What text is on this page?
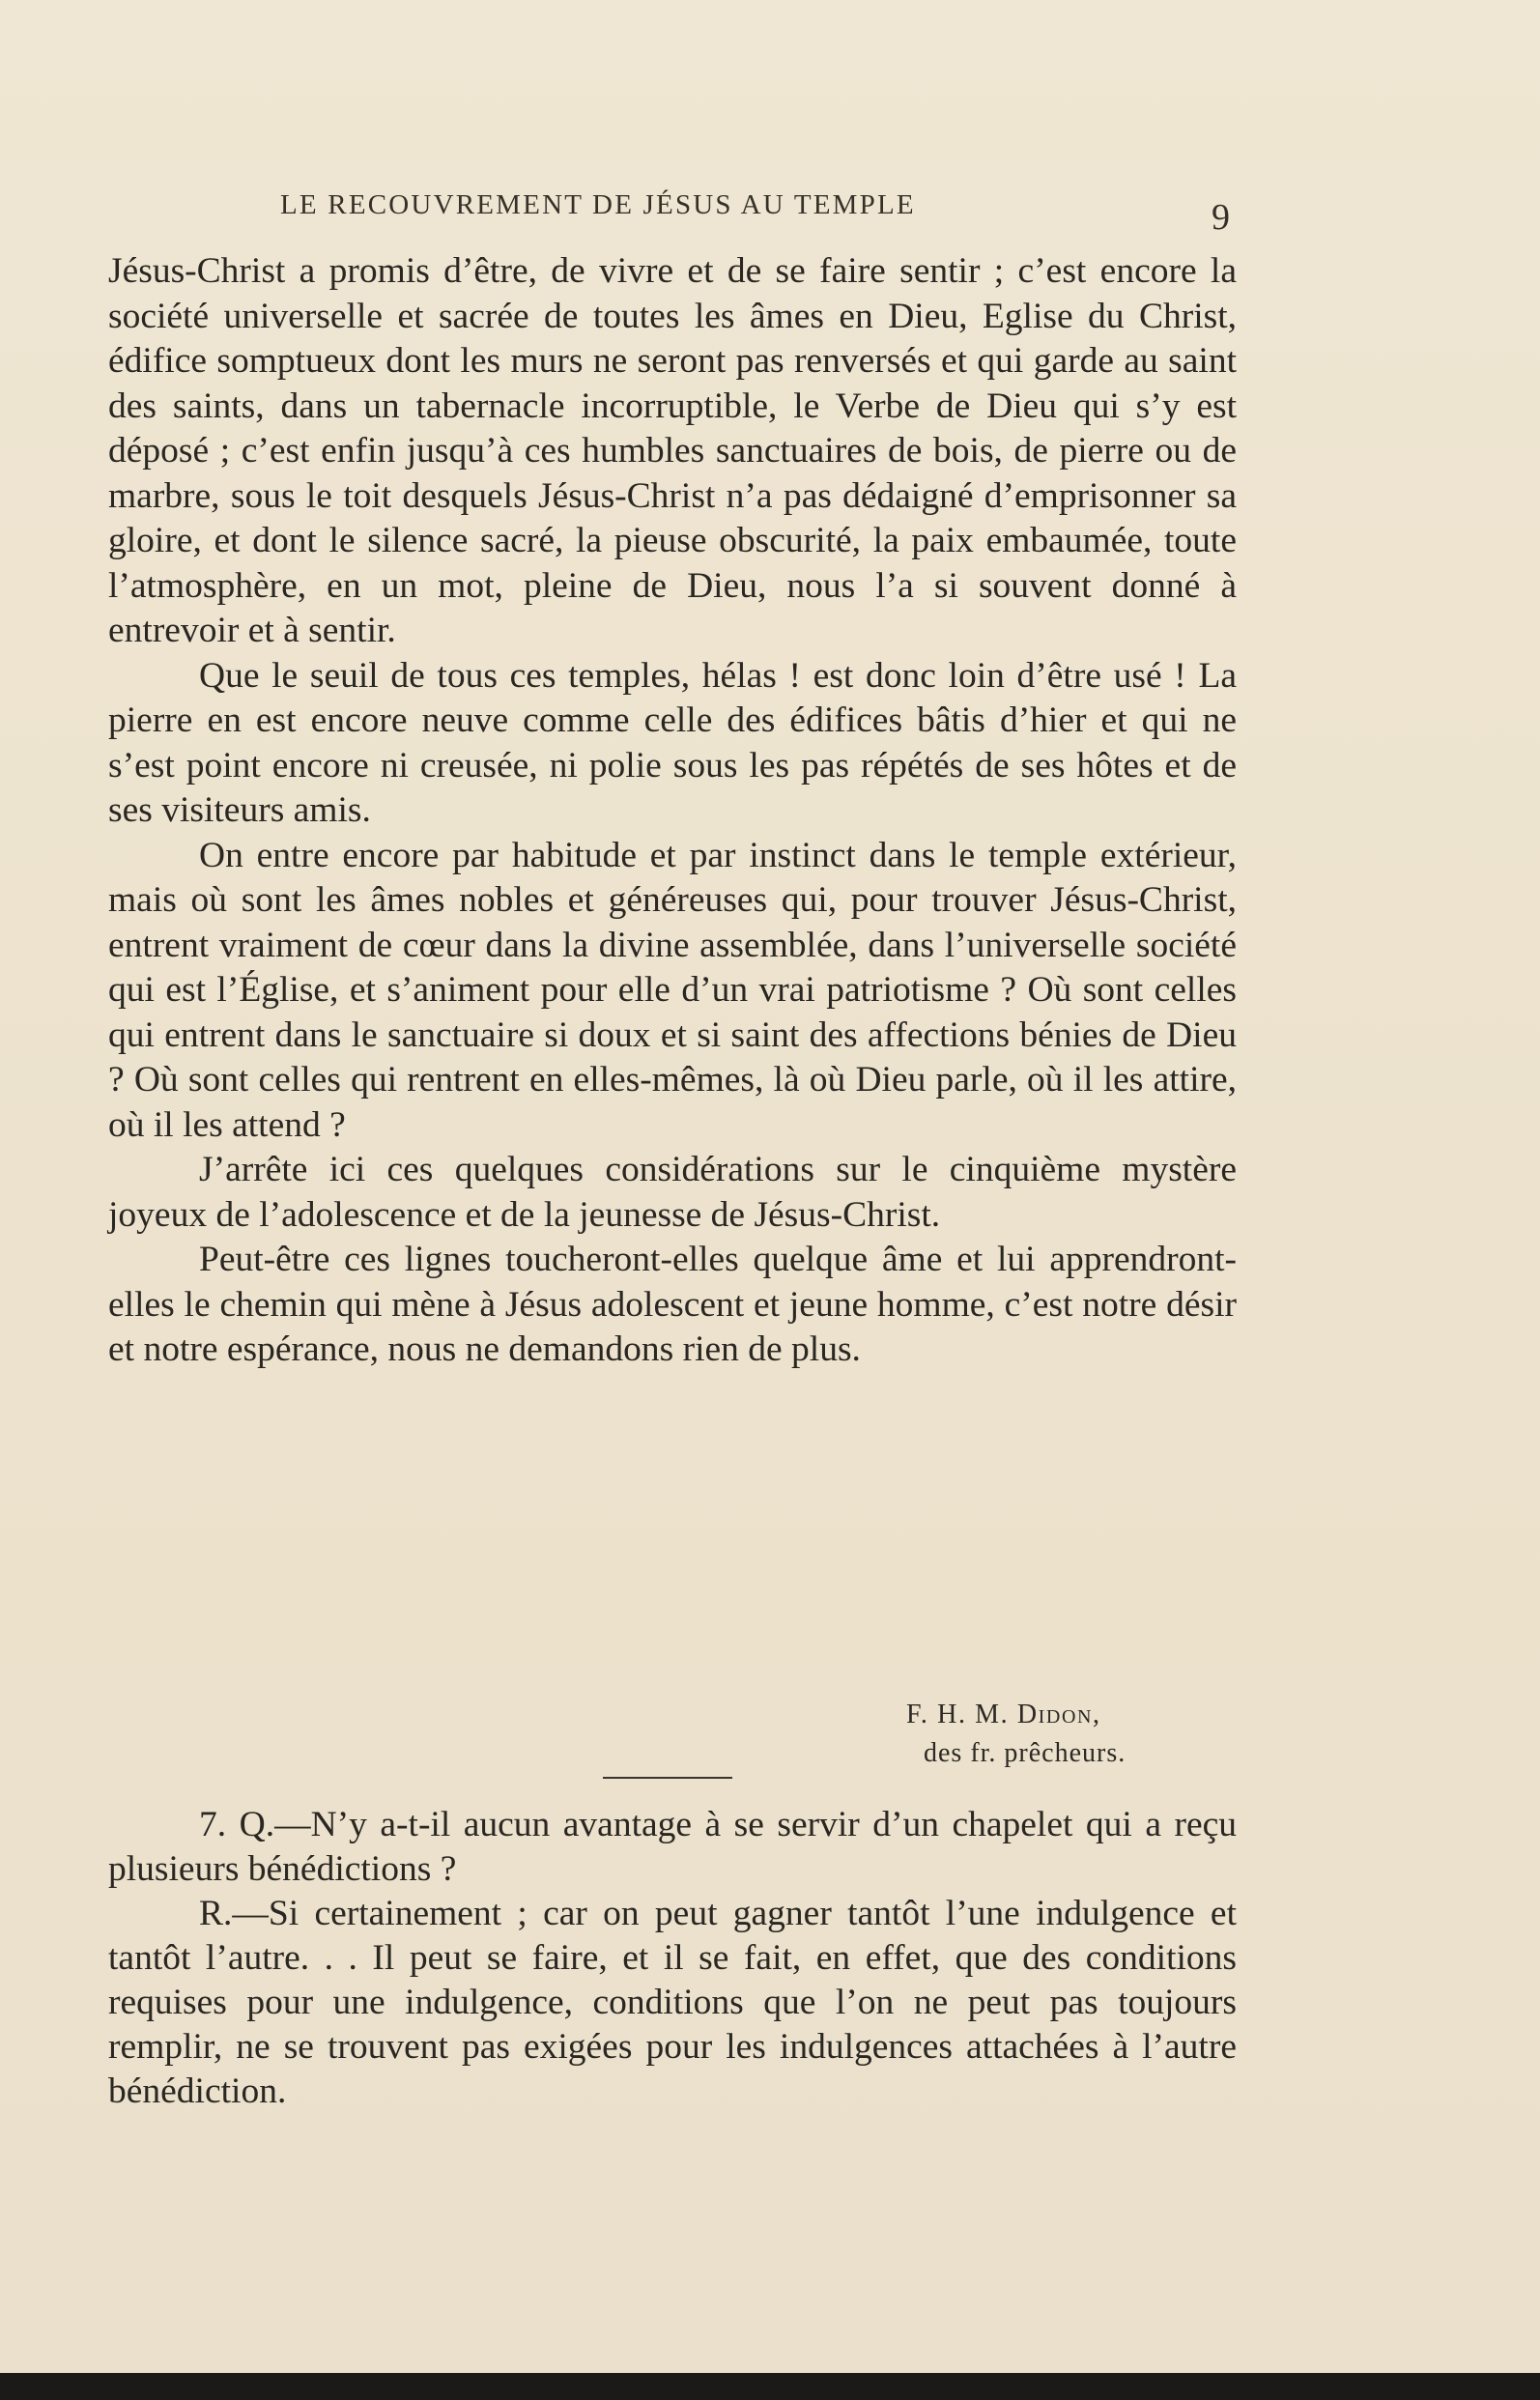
LE RECOUVREMENT DE JÉSUS AU TEMPLE	9

Jésus-Christ a promis d’être, de vivre et de se faire sentir ; c’est encore la société universelle et sacrée de toutes les âmes en Dieu, Eglise du Christ, édifice somptueux dont les murs ne seront pas renversés et qui garde au saint des saints, dans un tabernacle incorruptible, le Verbe de Dieu qui s’y est déposé ; c’est enfin jusqu’à ces humbles sanctuaires de bois, de pierre ou de marbre, sous le toit desquels Jésus-Christ n’a pas dédaigné d’emprisonner sa gloire, et dont le silence sacré, la pieuse obscurité, la paix embaumée, toute l’atmosphère, en un mot, pleine de Dieu, nous l’a si souvent donné à entrevoir et à sentir.

Que le seuil de tous ces temples, hélas ! est donc loin d’être usé ! La pierre en est encore neuve comme celle des édifices bâtis d’hier et qui ne s’est point encore ni creusée, ni polie sous les pas répétés de ses hôtes et de ses visiteurs amis.

On entre encore par habitude et par instinct dans le temple extérieur, mais où sont les âmes nobles et généreuses qui, pour trouver Jésus-Christ, entrent vraiment de cœur dans la divine assemblée, dans l’universelle société qui est l’Église, et s’animent pour elle d’un vrai patriotisme ? Où sont celles qui entrent dans le sanctuaire si doux et si saint des affections bénies de Dieu ? Où sont celles qui rentrent en elles-mêmes, là où Dieu parle, où il les attire, où il les attend ?

J’arrête ici ces quelques considérations sur le cinquième mystère joyeux de l’adolescence et de la jeunesse de Jésus-Christ.

Peut-être ces lignes toucheront-elles quelque âme et lui apprendront-elles le chemin qui mène à Jésus adolescent et jeune homme, c’est notre désir et notre espérance, nous ne demandons rien de plus.

F. H. M. Didon,
des fr. prêcheurs.

7. Q.—N’y a-t-il aucun avantage à se servir d’un chapelet qui a reçu plusieurs bénédictions ?

R.—Si certainement ; car on peut gagner tantôt l’une indulgence et tantôt l’autre. . . Il peut se faire, et il se fait, en effet, que des conditions requises pour une indulgence, conditions que l’on ne peut pas toujours remplir, ne se trouvent pas exigées pour les indulgences attachées à l’autre bénédiction.
